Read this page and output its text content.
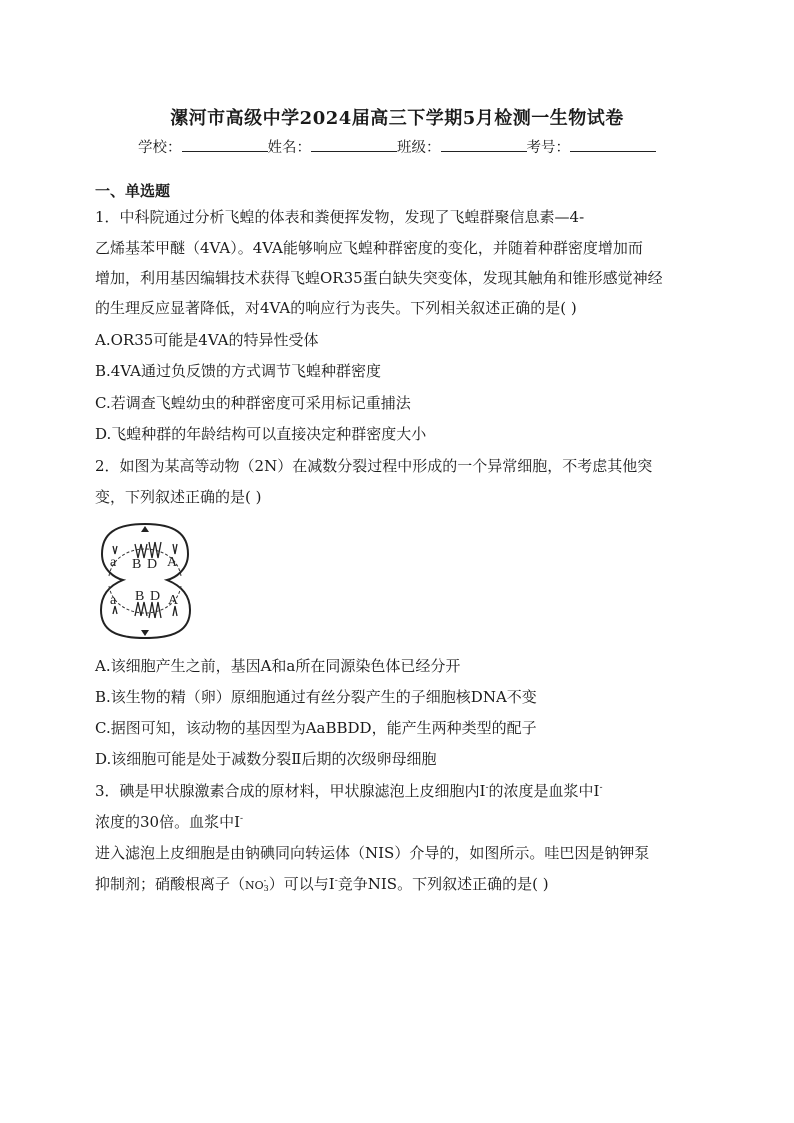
漯河市高级中学2024届高三下学期5月检测一生物试卷
学校：	姓名：	班级：	考号：
一、单选题
1．中科院通过分析飞蝗的体表和粪便挥发物，发现了飞蝗群聚信息素—4-
乙烯基苯甲醚（4VA）。4VA能够响应飞蝗种群密度的变化，并随着种群密度增加而
增加，利用基因编辑技术获得飞蝗OR35蛋白缺失突变体，发现其触角和锥形感觉神经
的生理反应显著降低，对4VA的响应行为丧失。下列相关叙述正确的是( )
A.OR35可能是4VA的特异性受体
B.4VA通过负反馈的方式调节飞蝗种群密度
C.若调查飞蝗幼虫的种群密度可采用标记重捕法
D.飞蝗种群的年龄结构可以直接决定种群密度大小
2．如图为某高等动物（2N）在减数分裂过程中形成的一个异常细胞，不考虑其他突
变，下列叙述正确的是( )
a B D A
a B D A
A.该细胞产生之前，基因A和a所在同源染色体已经分开
B.该生物的精（卵）原细胞通过有丝分裂产生的子细胞核DNA不变
C.据图可知，该动物的基因型为AaBBDD，能产生两种类型的配子
D.该细胞可能是处于减数分裂Ⅱ后期的次级卵母细胞
3．碘是甲状腺激素合成的原材料，甲状腺滤泡上皮细胞内I-的浓度是血浆中I-
浓度的30倍。血浆中I-
进入滤泡上皮细胞是由钠碘同向转运体（NIS）介导的，如图所示。哇巴因是钠钾泵
抑制剂；硝酸根离子（NO -
3 ）可以与I-竞争NIS。下列叙述正确的是( )
